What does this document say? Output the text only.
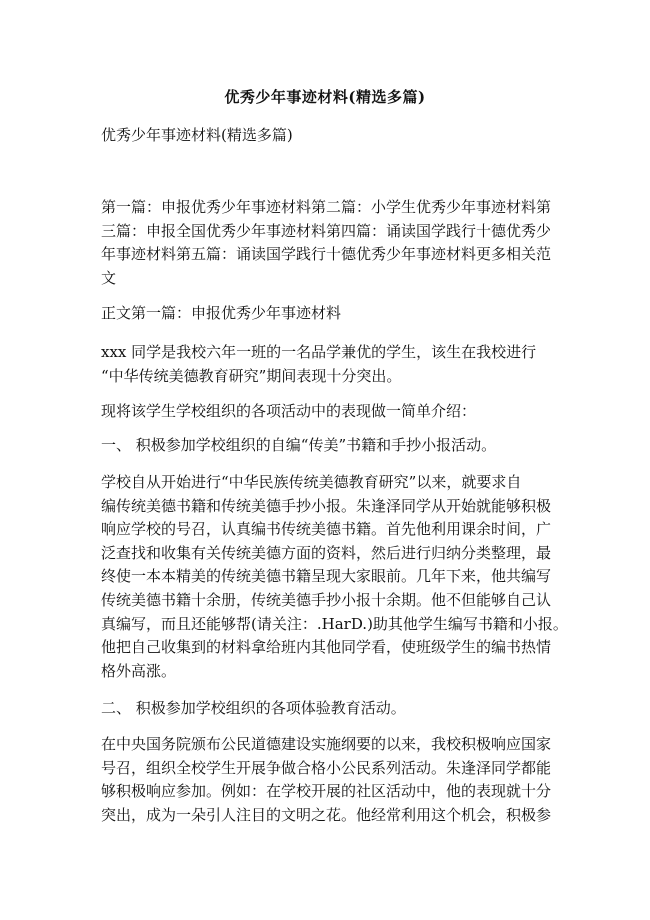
优秀少年事迹材料(精选多篇)
优秀少年事迹材料(精选多篇)
第一篇：申报优秀少年事迹材料第二篇：小学生优秀少年事迹材料第
三篇：申报全国优秀少年事迹材料第四篇：诵读国学践行十德优秀少
年事迹材料第五篇：诵读国学践行十德优秀少年事迹材料更多相关范
文
正文第一篇：申报优秀少年事迹材料
xxx 同学是我校六年一班的一名品学兼优的学生，该生在我校进行
“中华传统美德教育研究”期间表现十分突出。
现将该学生学校组织的各项活动中的表现做一简单介绍：
一、 积极参加学校组织的自编“传美”书籍和手抄小报活动。
学校自从开始进行“中华民族传统美德教育研究”以来，就要求自
编传统美德书籍和传统美德手抄小报。朱逢泽同学从开始就能够积极
响应学校的号召，认真编书传统美德书籍。首先他利用课余时间，广
泛查找和收集有关传统美德方面的资料，然后进行归纳分类整理，最
终使一本本精美的传统美德书籍呈现大家眼前。几年下来，他共编写
传统美德书籍十余册，传统美德手抄小报十余期。他不但能够自己认
真编写，而且还能够帮(请关注：.HarD.)助其他学生编写书籍和小报。
他把自己收集到的材料拿给班内其他同学看，使班级学生的编书热情
格外高涨。
二、 积极参加学校组织的各项体验教育活动。
在中央国务院颁布公民道德建设实施纲要的以来，我校积极响应国家
号召，组织全校学生开展争做合格小公民系列活动。朱逢泽同学都能
够积极响应参加。例如：在学校开展的社区活动中，他的表现就十分
突出，成为一朵引人注目的文明之花。他经常利用这个机会，积极参
